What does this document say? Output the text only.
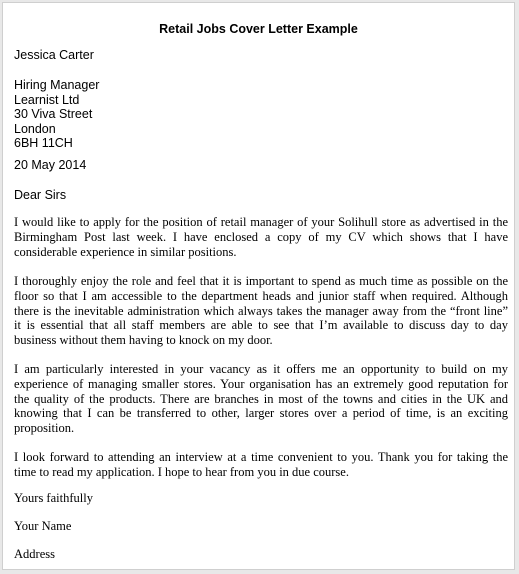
Retail Jobs Cover Letter Example
Jessica Carter
Hiring Manager
Learnist Ltd
30 Viva Street
London
6BH 11CH
20 May 2014
Dear Sirs
I would like to apply for the position of retail manager of your Solihull store as advertised in the
Birmingham Post last week. I have enclosed a copy of my CV which shows that I have
considerable experience in similar positions.
I thoroughly enjoy the role and feel that it is important to spend as much time as possible on the
floor so that I am accessible to the department heads and junior staff when required. Although
there is the inevitable administration which always takes the manager away from the “front line”
it is essential that all staff members are able to see that I’m available to discuss day to day
business without them having to knock on my door.
I am particularly interested in your vacancy as it offers me an opportunity to build on my
experience of managing smaller stores. Your organisation has an extremely good reputation for
the quality of the products. There are branches in most of the towns and cities in the UK and
knowing that I can be transferred to other, larger stores over a period of time, is an exciting
proposition.
I look forward to attending an interview at a time convenient to you. Thank you for taking the
time to read my application. I hope to hear from you in due course.
Yours faithfully
Your Name
Address
